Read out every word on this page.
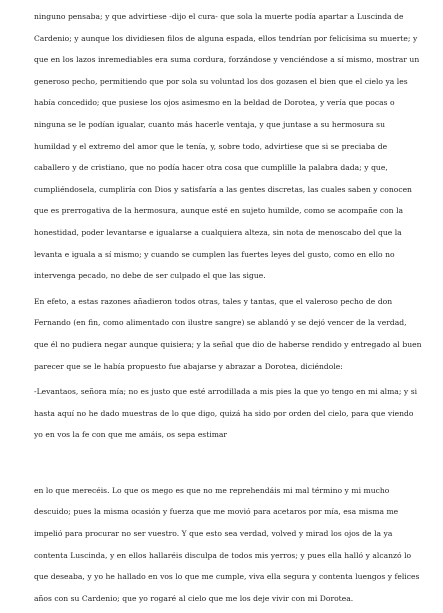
ninguno pensaba; y que advirtiese -dijo el cura- que sola la muerte podía apartar a Luscinda de Cardenio; y aunque los dividiesen filos de alguna espada, ellos tendrían por felicísima su muerte; y que en los lazos inremediables era suma cordura, forzándose y venciéndose a sí mismo, mostrar un generoso pecho, permitiendo que por sola su voluntad los dos gozasen el bien que el cielo ya les había concedido; que pusiese los ojos asimesmo en la beldad de Dorotea, y vería que pocas o ninguna se le podían igualar, cuanto más hacerle ventaja, y que juntase a su hermosura su humildad y el extremo del amor que le tenía, y, sobre todo, advirtiese que si se preciaba de caballero y de cristiano, que no podía hacer otra cosa que cumplille la palabra dada; y que, cumpliéndosela, cumpliría con Dios y satisfaría a las gentes discretas, las cuales saben y conocen que es prerrogativa de la hermosura, aunque esté en sujeto humilde, como se acompañe con la honestidad, poder levantarse e igualarse a cualquiera alteza, sin nota de menoscabo del que la levanta e iguala a sí mismo; y cuando se cumplen las fuertes leyes del gusto, como en ello no intervenga pecado, no debe de ser culpado el que las sigue.

En efeto, a estas razones añadieron todos otras, tales y tantas, que el valeroso pecho de don Fernando (en fin, como alimentado con ilustre sangre) se ablandó y se dejó vencer de la verdad, que él no pudiera negar aunque quisiera; y la señal que dio de haberse rendido y entregado al buen parecer que se le había propuesto fue abajarse y abrazar a Dorotea, diciéndole:

-Levantaos, señora mía; no es justo que esté arrodillada a mis pies la que yo tengo en mi alma; y si hasta aquí no he dado muestras de lo que digo, quizá ha sido por orden del cielo, para que viendo yo en vos la fe con que me amáis, os sepa estimar

en lo que merecéis. Lo que os mego es que no me reprehendáis mi mal término y mi mucho descuido; pues la misma ocasión y fuerza que me movió para acetaros por mía, esa misma me impelió para procurar no ser vuestro. Y que esto sea verdad, volved y mirad los ojos de la ya contenta Luscinda, y en ellos hallaréis disculpa de todos mis yerros; y pues ella halló y alcanzó lo que deseaba, y yo he hallado en vos lo que me cumple, viva ella segura y contenta luengos y felices años con su Cardenio; que yo rogaré al cielo que me los deje vivir con mi Dorotea.
